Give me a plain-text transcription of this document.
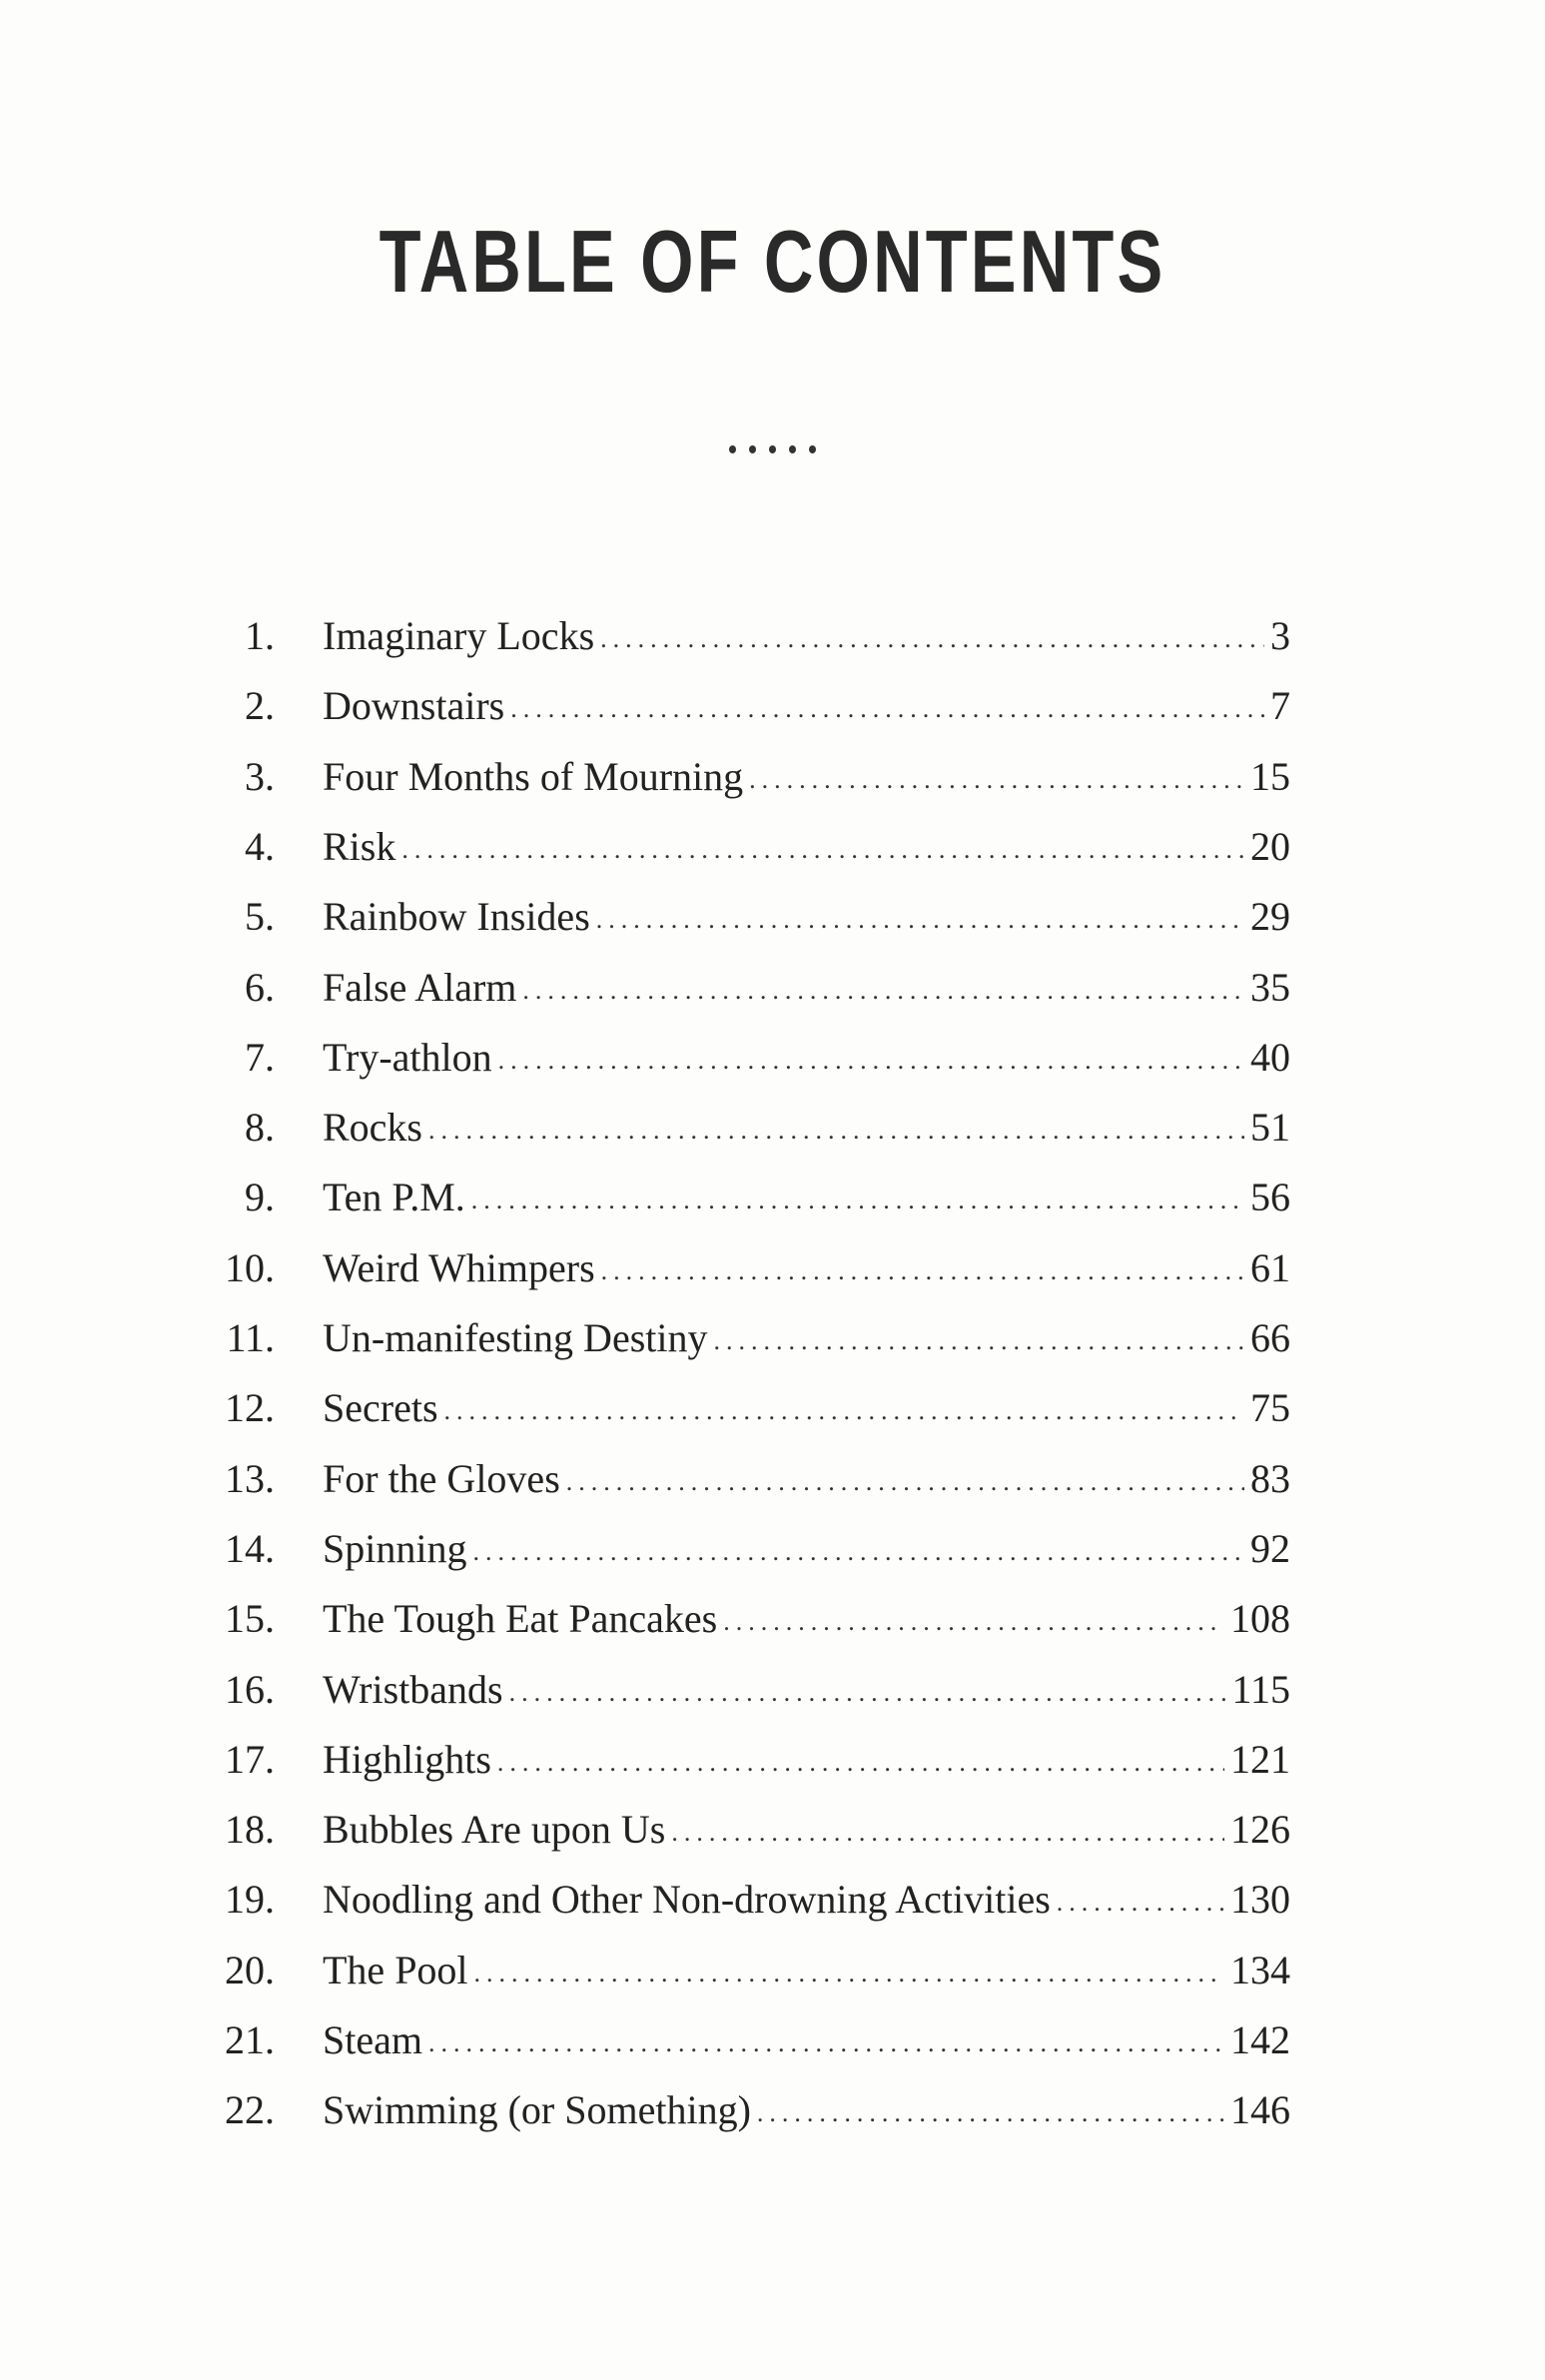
TABLE OF CONTENTS
1. Imaginary Locks .....	3
2. Downstairs .....	7
3. Four Months of Mourning .....	15
4. Risk .....	20
5. Rainbow Insides .....	29
6. False Alarm .....	35
7. Try-athlon .....	40
8. Rocks .....	51
9. Ten P.M. .....	56
10. Weird Whimpers .....	61
11. Un-manifesting Destiny .....	66
12. Secrets .....	75
13. For the Gloves .....	83
14. Spinning .....	92
15. The Tough Eat Pancakes .....	108
16. Wristbands .....	115
17. Highlights .....	121
18. Bubbles Are upon Us .....	126
19. Noodling and Other Non-drowning Activities .....	130
20. The Pool .....	134
21. Steam .....	142
22. Swimming (or Something) .....	146
